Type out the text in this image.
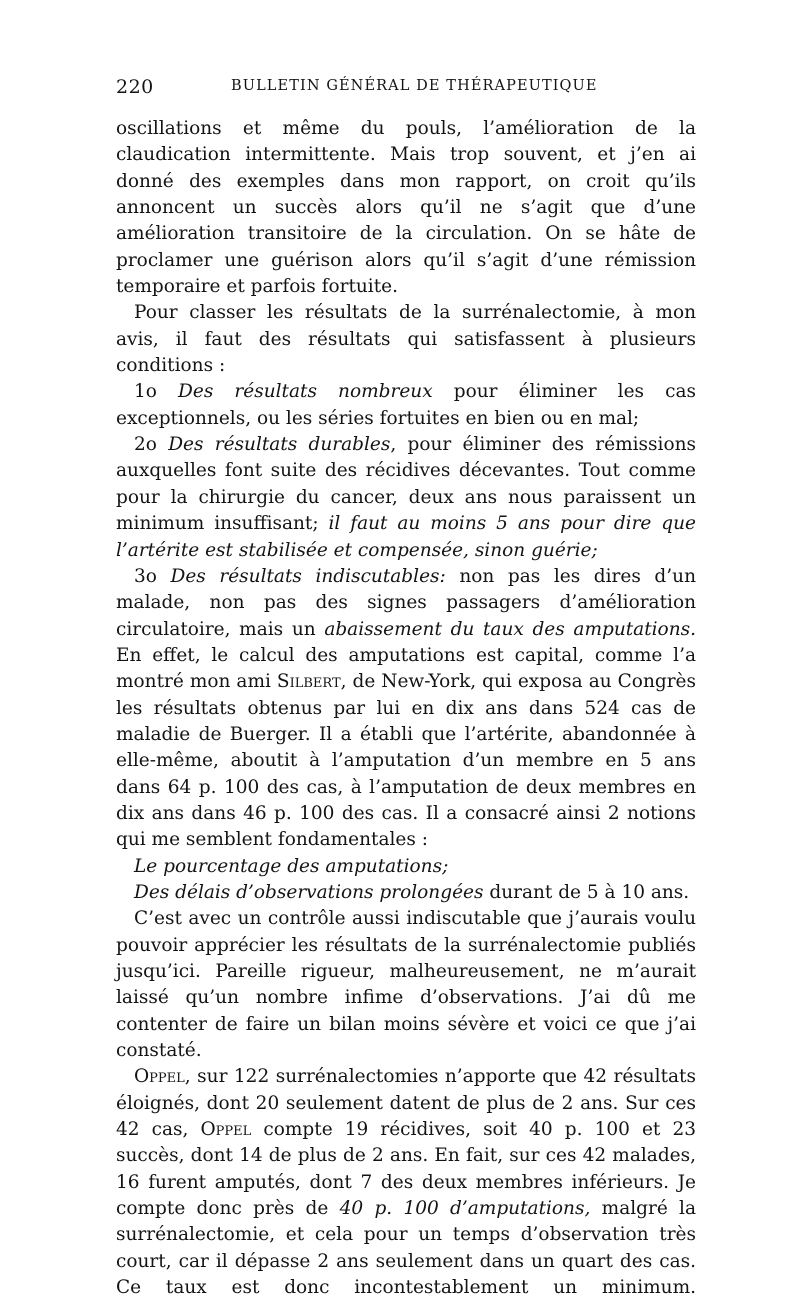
220	BULLETIN GÉNÉRAL DE THÉRAPEUTIQUE

oscillations et même du pouls, l’amélioration de la claudication intermittente. Mais trop souvent, et j’en ai donné des exemples dans mon rapport, on croit qu’ils annoncent un succès alors qu’il ne s’agit que d’une amélioration transitoire de la circulation. On se hâte de proclamer une guérison alors qu’il s’agit d’une rémission temporaire et parfois fortuite.

Pour classer les résultats de la surrénalectomie, à mon avis, il faut des résultats qui satisfassent à plusieurs conditions :

1o Des résultats nombreux pour éliminer les cas exceptionnels, ou les séries fortuites en bien ou en mal;

2o Des résultats durables, pour éliminer des rémissions auxquelles font suite des récidives décevantes. Tout comme pour la chirurgie du cancer, deux ans nous paraissent un minimum insuffisant; il faut au moins 5 ans pour dire que l’artérite est stabilisée et compensée, sinon guérie;

3o Des résultats indiscutables: non pas les dires d’un malade, non pas des signes passagers d’amélioration circulatoire, mais un abaissement du taux des amputations. En effet, le calcul des amputations est capital, comme l’a montré mon ami Silbert, de New-York, qui exposa au Congrès les résultats obtenus par lui en dix ans dans 524 cas de maladie de Buerger. Il a établi que l’artérite, abandonnée à elle-même, aboutit à l’amputation d’un membre en 5 ans dans 64 p. 100 des cas, à l’amputation de deux membres en dix ans dans 46 p. 100 des cas. Il a consacré ainsi 2 notions qui me semblent fondamentales :

Le pourcentage des amputations;

Des délais d’observations prolongées durant de 5 à 10 ans.

C’est avec un contrôle aussi indiscutable que j’aurais voulu pouvoir apprécier les résultats de la surrénalectomie publiés jusqu’ici. Pareille rigueur, malheureusement, ne m’aurait laissé qu’un nombre infime d’observations. J’ai dû me contenter de faire un bilan moins sévère et voici ce que j’ai constaté.

Oppel, sur 122 surrénalectomies n’apporte que 42 résultats éloignés, dont 20 seulement datent de plus de 2 ans. Sur ces 42 cas, Oppel compte 19 récidives, soit 40 p. 100 et 23 succès, dont 14 de plus de 2 ans. En fait, sur ces 42 malades, 16 furent amputés, dont 7 des deux membres inférieurs. Je compte donc près de 40 p. 100 d’amputations, malgré la surrénalectomie, et cela pour un temps d’observation très court, car il dépasse 2 ans seulement dans un quart des cas. Ce taux est donc incontestablement un minimum.
